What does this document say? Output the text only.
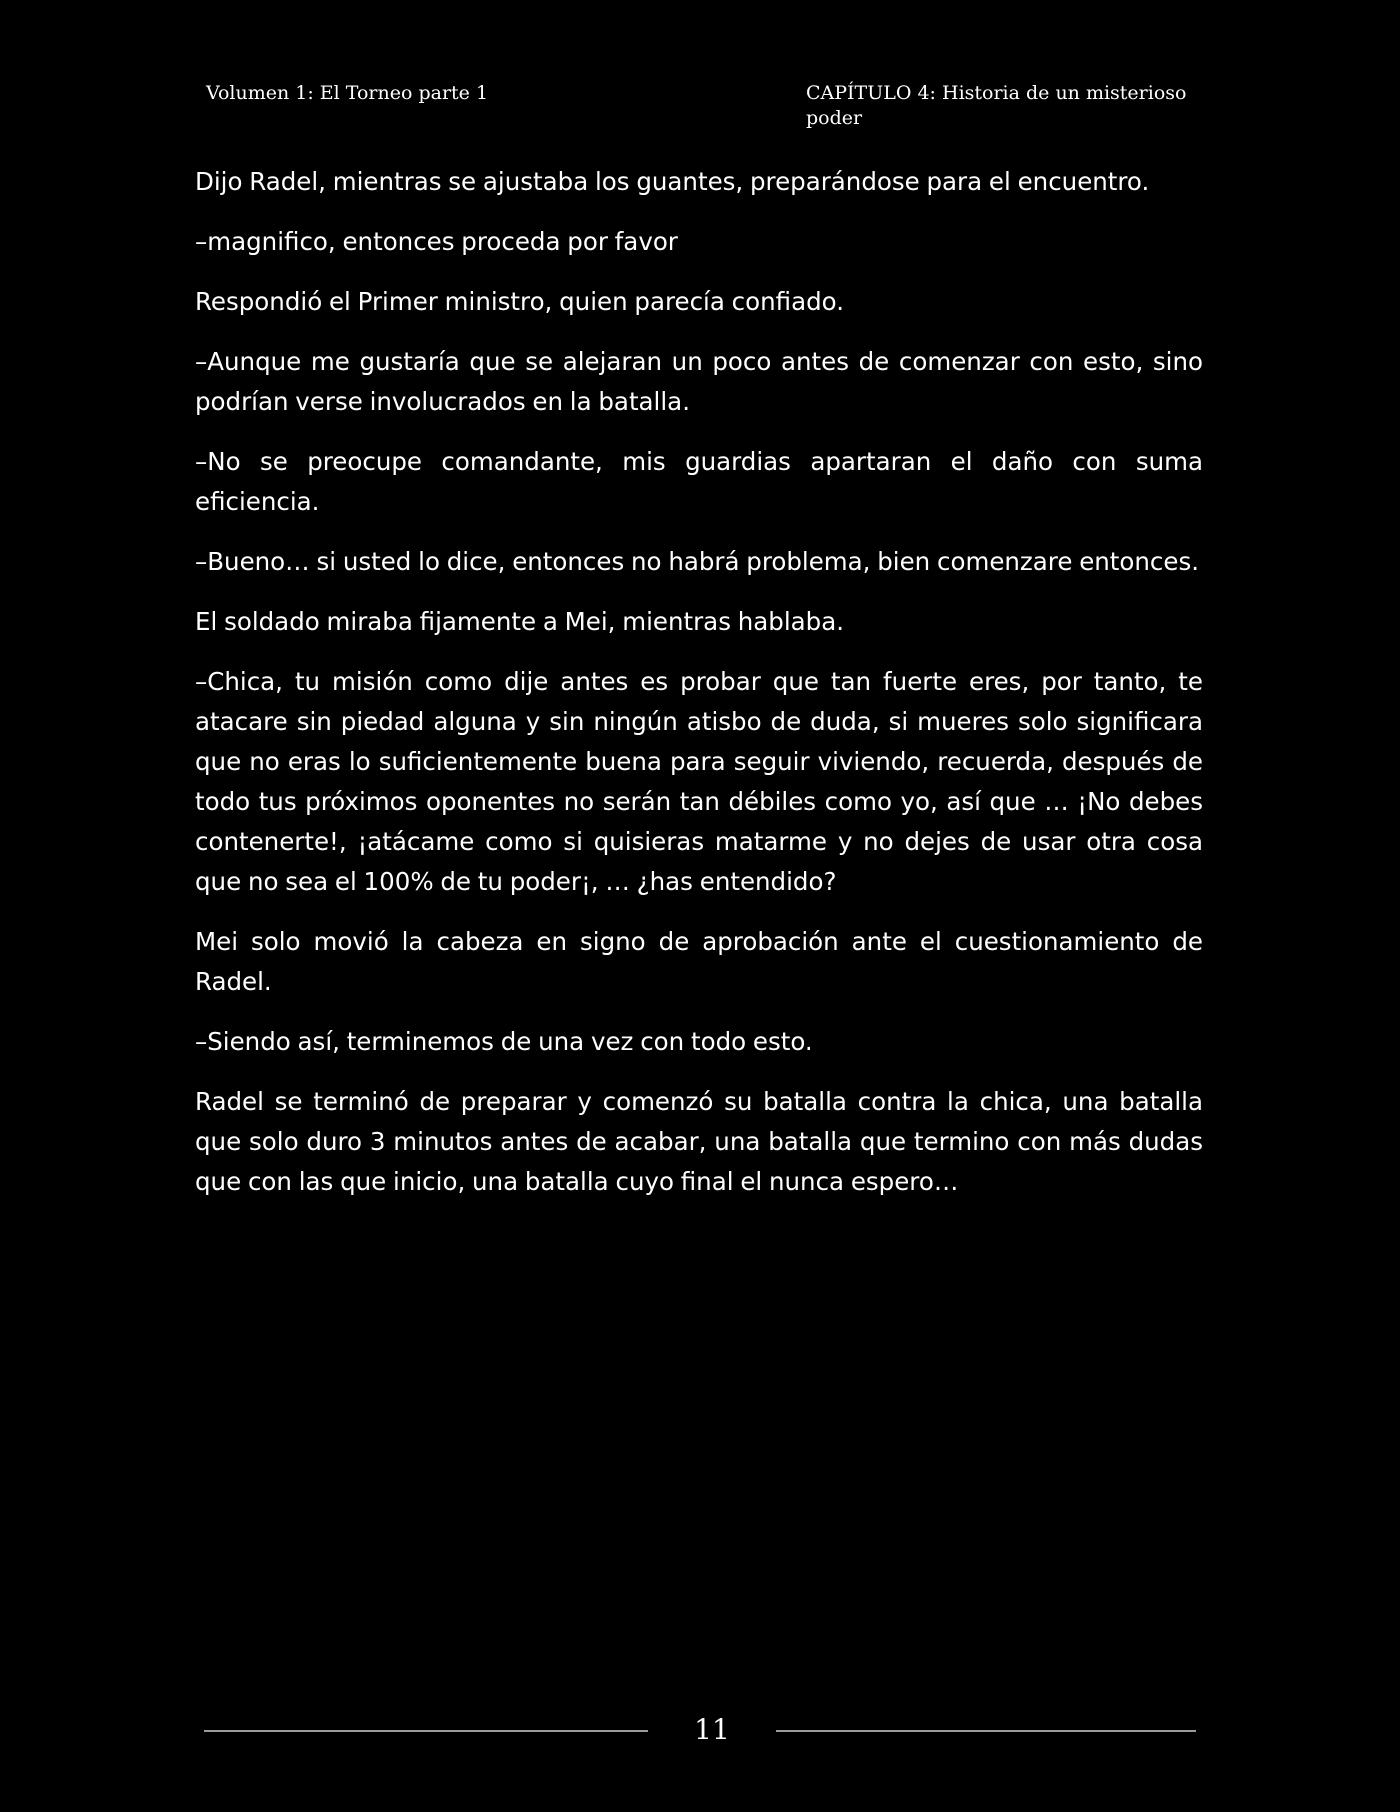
Volumen 1: El Torneo parte 1	CAPÍTULO 4: Historia de un misterioso poder

Dijo Radel, mientras se ajustaba los guantes, preparándose para el encuentro.

–magnifico, entonces proceda por favor

Respondió el Primer ministro, quien parecía confiado.

–Aunque me gustaría que se alejaran un poco antes de comenzar con esto, sino podrían verse involucrados en la batalla.

–No se preocupe comandante, mis guardias apartaran el daño con suma eficiencia.

–Bueno… si usted lo dice, entonces no habrá problema, bien comenzare entonces.

El soldado miraba fijamente a Mei, mientras hablaba.

–Chica, tu misión como dije antes es probar que tan fuerte eres, por tanto, te atacare sin piedad alguna y sin ningún atisbo de duda, si mueres solo significara que no eras lo suficientemente buena para seguir viviendo, recuerda, después de todo tus próximos oponentes no serán tan débiles como yo, así que … ¡No debes contenerte!, ¡atácame como si quisieras matarme y no dejes de usar otra cosa que no sea el 100% de tu poder¡, … ¿has entendido?

Mei solo movió la cabeza en signo de aprobación ante el cuestionamiento de Radel.

–Siendo así, terminemos de una vez con todo esto.

Radel se terminó de preparar y comenzó su batalla contra la chica, una batalla que solo duro 3 minutos antes de acabar, una batalla que termino con más dudas que con las que inicio, una batalla cuyo final el nunca espero…

11
